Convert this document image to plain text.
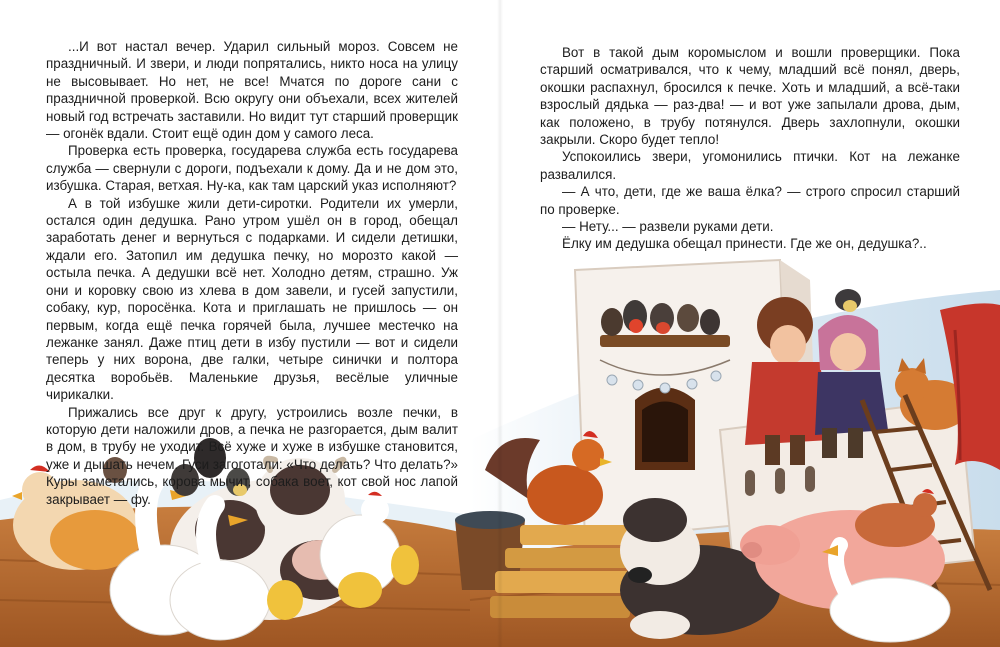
...И вот настал вечер. Ударил сильный мороз. Совсем не праздничный. И звери, и люди попрятались, никто носа на улицу не высовывает. Но нет, не все! Мчатся по дороге сани с праздничной проверкой. Всю округу они объехали, всех жителей новый год встречать заставили. Но видит тут старший проверщик — огонёк вдали. Стоит ещё один дом у самого леса.

Проверка есть проверка, государева служба есть государева служба — свернули с дороги, подъехали к дому. Да и не дом это, избушка. Старая, ветхая. Ну-ка, как там царский указ исполняют?

А в той избушке жили дети-сиротки. Родители их умерли, остался один дедушка. Рано утром ушёл он в город, обещал заработать денег и вернуться с подарками. И сидели детишки, ждали его. Затопил им дедушка печку, но морозто какой — остыла печка. А дедушки всё нет. Холодно детям, страшно. Уж они и коровку свою из хлева в дом завели, и гусей запустили, собаку, кур, поросёнка. Кота и приглашать не пришлось — он первым, когда ещё печка горячей была, лучшее местечко на лежанке занял. Даже птиц дети в избу пустили — вот и сидели теперь у них ворона, две галки, четыре синички и полтора десятка воробьёв. Маленькие друзья, весёлые уличные чирикалки.

Прижались все друг к другу, устроились возле печки, в которую дети наложили дров, а печка не разгорается, дым валит в дом, в трубу не уходит. Всё хуже и хуже в избушке становится, уже и дышать нечем. Гуси загоготали: «Что делать? Что делать?» Куры заметались, корова мычит, собака воет, кот свой нос лапой закрывает — фу.

Вот в такой дым коромыслом и вошли проверщики. Пока старший осматривался, что к чему, младший всё понял, дверь, окошки распахнул, бросился к печке. Хоть и младший, а всё-таки взрослый дядька — раз-два! — и вот уже запылали дрова, дым, как положено, в трубу потянулся. Дверь захлопнули, окошки закрыли. Скоро будет тепло!

Успокоились звери, угомонились птички. Кот на лежанке развалился.

— А что, дети, где же ваша ёлка? — строго спросил старший по проверке.

— Нету... — развели руками дети.

Ёлку им дедушка обещал принести. Где же он, дедушка?..
